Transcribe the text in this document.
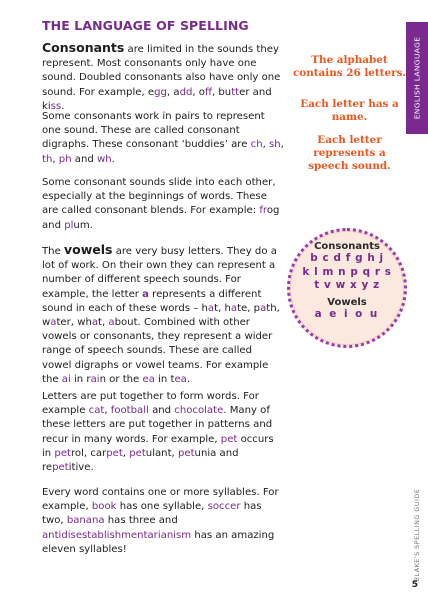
THE LANGUAGE OF SPELLING

Consonants are limited in the sounds they represent. Most consonants only have one sound. Doubled consonants also have only one sound. For example, egg, add, off, butter and kiss.

Some consonants work in pairs to represent one sound. These are called consonant digraphs. These consonant ‘buddies’ are ch, sh, th, ph and wh.

Some consonant sounds slide into each other, especially at the beginnings of words. These are called consonant blends. For example: frog and plum.

The vowels are very busy letters. They do a lot of work. On their own they can represent a number of different speech sounds. For example, the letter a represents a different sound in each of these words – hat, hate, path, water, what, about. Combined with other vowels or consonants, they represent a wider range of speech sounds. These are called vowel digraphs or vowel teams. For example the ai in rain or the ea in tea.

Letters are put together to form words. For example cat, football and chocolate. Many of these letters are put together in patterns and recur in many words. For example, pet occurs in petrol, carpet, petulant, petunia and repetitive.

Every word contains one or more syllables. For example, book has one syllable, soccer has two, banana has three and antidisestablishmentarianism has an amazing eleven syllables!

The alphabet contains 26 letters.
Each letter has a name.
Each letter represents a speech sound.
Consonants
b c d f g h j
k l m n p q r s
t v w x y z
Vowels
a e i o u
ENGLISH LANGUAGE
BLAKE'S SPELLING GUIDE
5
